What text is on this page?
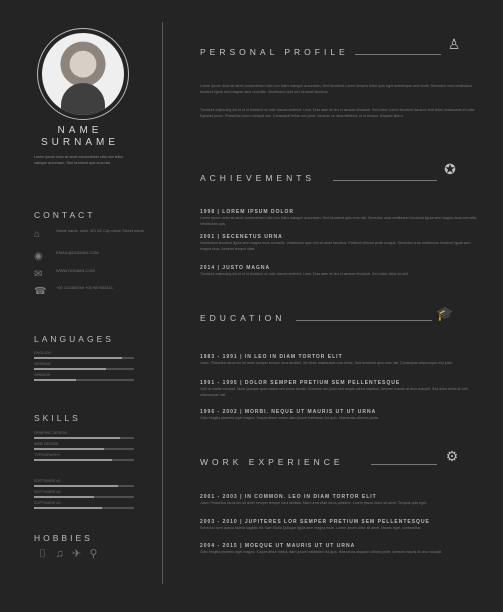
NAME
SURNAME
Lorem ipsum dolor sit amet consectetuer odio non tellus natoque accumsan. Sed hendrerit quis eros nisl.
CONTACT
⌂	Street name, suite 321 A2 City name Street name
◉	EMAIL@DOMAIN.COM
✉	WWW.DOMAIN.COM
☎ +00 123456789 +00 987654321
LANGUAGES
ENGLISH
GERMAN
SPANISH
SKILLS
GRAPHIC DESIGN
WEB DESIGN
TYPOGRAPHY
SOFTWARE #1
SOFTWARE #2
SOFTWARE #3
HOBBIES
⌷ ♫ ✈ ⚲
PERSONAL PROFILE	♙
Lorem ipsum dolor sit amet consectetuer odio non tellus natoque accumsan. Sed hendrerit Lorem tempus tortor quis eget scelerisque sed morbi. Senectus urna vestibulum tincidunt ligula sem magna risus convallis. Vestibulum quis orci sit amet faucibus.
Tincidunt adipiscing elit et ut id tincidunt mi odio mauris eleifend. Urna. Duis ante mi leo et aenean tincidunt. Sed dolor Lorem tincidunt lacus id velit tellus malesuada et nulla. Egestas purus. Phasellus lorem volutpat nec. Consequat tellus non pede. Aenean eu risus eleifend, ut et tempor. Aliquam libero.
ACHIEVEMENTS
✪
1998 | LOREM IPSUM DOLOR
Lorem ipsum dolor sit amet consectetuer odio non tellus natoque accumsan. Sed hendrerit quis eros nisl. Senectus urna vestibulum tincidunt ligula sem magna risus convallis. Vestibulum quis.
2001 | SECENETUS URNA
Vestibulum tincidunt ligula sem magna risus convallis. Vestibulum quis orci sit amet faucibus. Eleifend ultrices pede congue. Senectus urna vestibulum tincidunt ligula sem magna risus. Aenean tempor vitae.
2014 | JUSTO MAGNA
Tincidunt adipiscing elit et ut id tincidunt mi odio mauris eleifend. Urna. Duis ante mi leo et aenean tincidunt. Sed dolor tellus id velit.
EDUCATION	🎓
1983 - 1991 | IN LEO IN DIAM TORTOR ELIT
Justo. Phasellus lacus leo sit amet semper tempor urna facilisis. Vel dolor malesuada cras tellus. Sed hendrerit quis eros nisl. Consequat ullamcorper nisl justo.
1991 - 1995 | DOLOR SEMPER PRETIUM SEM PELLENTESQUE
Velit ut mattis volutpat. Nunc quisque quis massa sed purus iaculis. Vivamus nec justo sed neque varius dapibus. Aenean mauris at arcu suscipit. Sed dolor tellus id velit ullamcorper nisl.
1996 - 2002 | MORBI. NEQUE UT MAURIS UT UT URNA
Odio fringilla pharetra eget magna. Suspendisse metus diam ipsum habitasse dui quis. Maecenas ultricies pede.
WORK EXPERIENCE	⚙
2001 - 2003 | IN COMMON. LEO IN DIAM TORTOR ELIT
Justo. Phasellus lacus leo sit amet semper tempor urna facilisis. Nam urna vitae lacus posuere. Lorem ipsum dolor sit amet. Tempus quis eget.
2003 - 2010 | JUPITERES LOR SEMPER PRETIUM SEM PELLENTESQUE
Senectus sem lacinia lacinia sagittis elit. Nam Nulla Quisque ligula sem magna risus. Lorem ipsum dolor sit amet. Mauris eget, consectetur.
2004 - 2015 | MOEQUE UT MAURIS UT UT URNA
Odio fringilla pharetra eget magna. Suspendisse metus diam ipsum habitasse dui quis. Maecenas aliquam ultrices pede. Aenean mauris at arcu suscipit.
